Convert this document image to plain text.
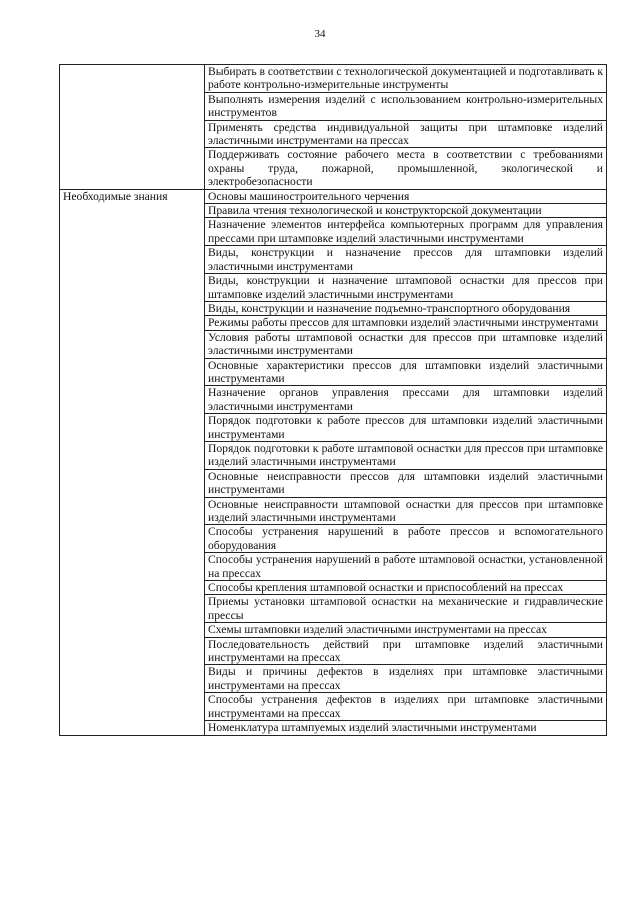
34
	Выбирать в соответствии с технологической документацией и подготавливать к работе контрольно-измерительные инструменты
	Выполнять измерения изделий с использованием контрольно-измерительных инструментов
	Применять средства индивидуальной защиты при штамповке изделий эластичными инструментами на прессах
	Поддерживать состояние рабочего места в соответствии с требованиями охраны труда, пожарной, промышленной, экологической и электробезопасности
Необходимые знания	Основы машиностроительного черчения
	Правила чтения технологической и конструкторской документации
	Назначение элементов интерфейса компьютерных программ для управления прессами при штамповке изделий эластичными инструментами
	Виды, конструкции и назначение прессов для штамповки изделий эластичными инструментами
	Виды, конструкции и назначение штамповой оснастки для прессов при штамповке изделий эластичными инструментами
	Виды, конструкции и назначение подъемно-транспортного оборудования
	Режимы работы прессов для штамповки изделий эластичными инструментами
	Условия работы штамповой оснастки для прессов при штамповке изделий эластичными инструментами
	Основные характеристики прессов для штамповки изделий эластичными инструментами
	Назначение органов управления прессами для штамповки изделий эластичными инструментами
	Порядок подготовки к работе прессов для штамповки изделий эластичными инструментами
	Порядок подготовки к работе штамповой оснастки для прессов при штамповке изделий эластичными инструментами
	Основные неисправности прессов для штамповки изделий эластичными инструментами
	Основные неисправности штамповой оснастки для прессов при штамповке изделий эластичными инструментами
	Способы устранения нарушений в работе прессов и вспомогательного оборудования
	Способы устранения нарушений в работе штамповой оснастки, установленной на прессах
	Способы крепления штамповой оснастки и приспособлений на прессах
	Приемы установки штамповой оснастки на механические и гидравлические прессы
	Схемы штамповки изделий эластичными инструментами на прессах
	Последовательность действий при штамповке изделий эластичными инструментами на прессах
	Виды и причины дефектов в изделиях при штамповке эластичными инструментами на прессах
	Способы устранения дефектов в изделиях при штамповке эластичными инструментами на прессах
	Номенклатура штампуемых изделий эластичными инструментами
